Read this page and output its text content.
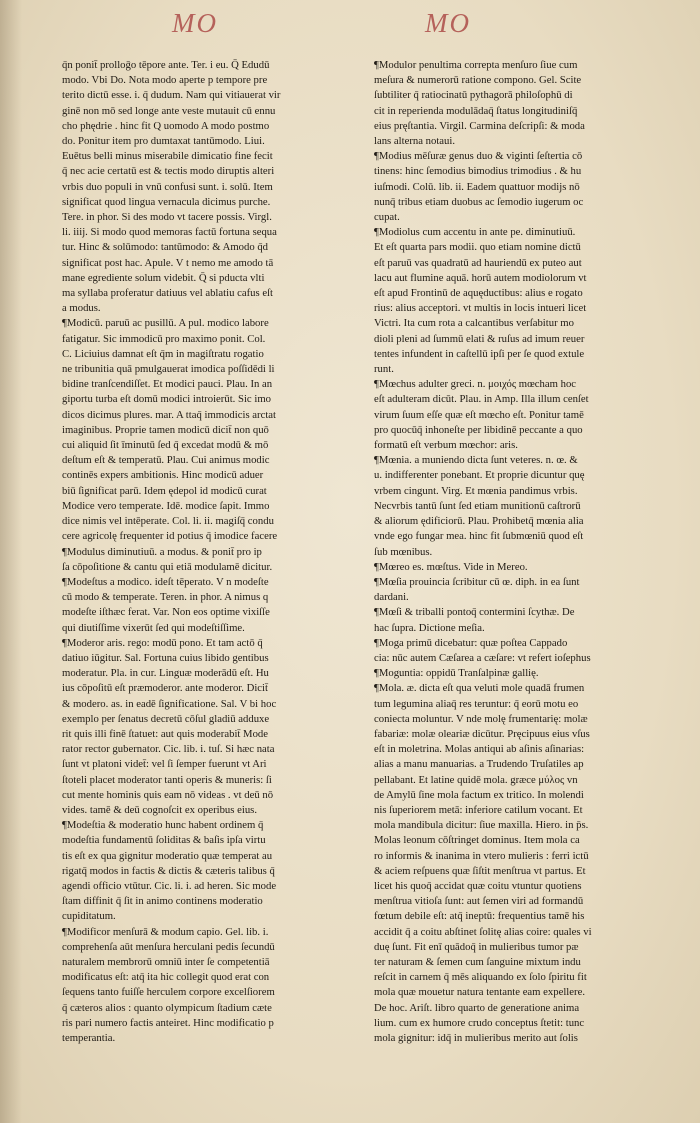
MO	MO
q̄n ponit̄ prolloḡo tēpore ante. Ter. i eu. Q̄ Edudū
modo. Vbi Do. Nota modo aperte p tempore pre
terito dictū esse. i. q̄ dudum. Nam qui vitiauerat vir
ginē non mō sed longe ante veste mutauit cū ennu
cho phędrie . hinc fit Q uomodo A modo postmo
do. Ponitur item pro dumtaxat tantūmodo. Liui.
Euētus belli minus miserabile dimicatio fine fecit
q̄ nec acie certatū est & tectis modo diruptis alteri
vrbis duo populi in vnū confusi sunt. i. solū. Item
significat quod lingua vernacula dicimus purche.
Tere. in phor. Si des modo vt tacere possis. Virgl.
li. iiij. Si modo quod memoras factū fortuna sequa
tur. Hinc & solūmodo: tantūmodo: & Amodo q̄d
significat post hac. Apule. V t nemo me amodo tā
mane egrediente solum videbit. Q̄ si pducta vlti
ma syllaba proferatur datiuus vel ablatiu cafus eſt
a modus.
¶Modicū. paruū ac pusillū. A pul. modico labore
fatigatur. Sic immodicū pro maximo ponit. Col.
C. Liciuius damnat eſt q̄m in magiſtratu rogatio
ne tribunitia quā pmulgauerat imodica poſſidēdi li
bidine tranſcendiſſet. Et modici pauci. Plau. In an
giportu turba eſt domū modici introierūt. Sic imo
dicos dicimus plures. mar. A ttaq̄ immodicis arctat
imaginibus. Proprie tamen modicū dicit̄ non quō
cui aliquid ſit īminutū ſed q̄ excedat modū & mō
deſtum eſt & temperatū. Plau. Cui animus modic
continēs expers ambitionis. Hinc modicū aduer
biū ſignificat parū. Idem ędepol id modicū curat
Modice vero temperate. Idē. modice ſapit. Immo
dice nimis vel intēperate. Col. li. ii. magiſq̄ condu
cere agricolę frequenter id potius q̄ imodice facere
¶Modulus diminutiuū. a modus. & ponit̄ pro ip
ſa cōpoſitione & cantu qui etiā modulamē dicitur.
¶Modeſtus a modico. ideſt tēperato. V n modeſte
cū modo & temperate. Teren. in phor. A nimus q
modeſte iſthæc ferat. Var. Non eos optime vixiſſe
qui diutiſſime vixerūt ſed qui modeſtiſſime.
¶Moderor aris. rego: modū pono. Et tam actō q̄
datiuo iūgitur. Sal. Fortuna cuius libido gentibus
moderatur. Pla. in cur. Linguæ moderādū eſt. Hu
ius cōpoſitū eſt præmoderor. ante moderor. Dicit̄
& modero. as. in eadē ſignificatione. Sal. V bi hoc
exemplo per ſenatus decretū cōſul gladiū adduxe
rit quis illi finē ſtatuet: aut quis moderabit̄ Mode
rator rector gubernator. Cic. lib. i. tuſ. Si hæc nata
ſunt vt platoni videt̄: vel ſi ſemper fuerunt vt Ari
ſtoteli placet moderator tanti operis & muneris: ſi
cut mente hominis quis eam nō videas . vt deū nō
vides. tamē & deū cognoſcit ex operibus eius.
¶Modeſtia & moderatio hunc habent ordinem q̄
modeſtia fundamentū ſoliditas & baſis ipſa virtu
tis eſt ex qua gignitur moderatio quæ temperat au
rigatq̄ modos in factis & dictis & cæteris talibus q̄
agendi officio vtūtur. Cic. li. i. ad heren. Sic mode
ſtam diffinit q̄ ſit in animo continens moderatio
cupiditatum.
¶Modificor menſurā & modum capio. Gel. lib. i.
comprehenſa aūt menſura herculani pedis ſecundū
naturalem membrorū omniū inter ſe competentiā
modificatus eſt: atq̄ ita hic collegit quod erat con
ſequens tanto fuiſſe herculem corpore excelſiorem
q̄ cæteros alios : quanto olympicum ſtadium cæte
ris pari numero factis anteiret. Hinc modificatio p
temperantia.
¶Modulor penultima correpta menſuro ſiue cum
meſura & numerorū ratione compono. Gel. Scite
ſubtiliter q̄ ratiocinatū pythagorā philoſophū di
cit in reperienda modulādaq̄ ſtatus longitudiniſq̄
eius pręſtantia. Virgil. Carmina deſcripſi: & moda
lans alterna notaui.
¶Modius mēſuræ genus duo & viginti ſeſtertia cō
tinens: hinc ſemodius bimodius trimodius . & hu
iuſmodi. Colū. lib. ii. Eadem quattuor modijs nō
nunq̄ tribus etiam duobus ac ſemodio iugerum oc
cupat.
¶Modiolus cum accentu in ante pe. diminutiuū.
Et eſt quarta pars modii. quo etiam nomine dictū
eſt paruū vas quadratū ad hauriendū ex puteo aut
lacu aut flumine aquā. horū autem modiolorum vt
eſt apud Frontinū de aquęductibus: alius e rogato
rius: alius acceptori. vt multis in locis intueri licet
Victri. Ita cum rota a calcantibus verſabitur mo
dioli pleni ad ſummū elati & ruſus ad imum reuer
tentes infundent in caſtellū ipſi per ſe quod extule
runt.
¶Mœchus adulter greci. n. μοιχός mœcham hoc
eſt adulteram dicūt. Plau. in Amp. Illa illum cenſet
virum ſuum eſſe quæ eſt mœcho eſt. Ponitur tamē
pro quocūq̄ inhoneſte per libidinē peccante a quo
formatū eſt verbum mœchor: aris.
¶Mœnia. a muniendo dicta ſunt veteres. n. œ. &
u. indifferenter ponebant. Et proprie dicuntur quę
vrbem cingunt. Virg. Et mœnia pandimus vrbis.
Necvrbis tantū ſunt ſed etiam munitionū caſtrorū
& aliorum ędificiorū. Plau. Prohibetq̄ mœnia alia
vnde ego fungar mea. hinc fit ſubmœniū quod eſt
ſub mœnibus.
¶Mœreo es. mœſtus. Vide in Mereo.
¶Mœſia prouincia ſcribitur cū œ. diph. in ea ſunt
dardani.
¶Mœſi & triballi pontoq̄ contermini ſcythæ. De
hac ſupra. Dictione meſia.
¶Moga primū dicebatur: quæ poſtea Cappado
cia: nūc autem Cæſarea a cæſare: vt refert ioſephus
¶Moguntia: oppidū Tranſalpinæ gallię.
¶Mola. æ. dicta eſt qua veluti mole quadā frumen
tum legumina aliaq̄ res teruntur: q̄ eorū motu eo
coniecta moluntur. V nde molę frumentarię: molæ
fabariæ: molæ oleariæ dicūtur. Pręcipuus eius vſus
eſt in moletrina. Molas antiqui ab aſinis aſinarias:
alias a manu manuarias. a Trudendo Truſatiles ap
pellabant. Et latine quidē mola. græce μύλος vn
de Amylū ſine mola factum ex tritico. In molendi
nis ſuperiorem metā: inferiore catilum vocant. Et
mola mandibula dicitur: ſiue maxilla. Hiero. in p̄s.
Molas leonum cōſtringet dominus. Item mola ca
ro informis & inanima in vtero mulieris : ferri ictū
& aciem reſpuens quæ ſiſtit menſtrua vt partus. Et
licet his quoq̄ accidat quæ coitu vtuntur quotiens
menſtrua vitioſa ſunt: aut ſemen viri ad formandū
fœtum debile eſt: atq̄ ineptū: frequentius tamē his
accidit q̄ a coitu abſtinet ſolitę alias coire: quales vi
duę ſunt. Fit enī quādoq̄ in mulieribus tumor pæ
ter naturam & ſemen cum ſanguine mixtum indu
reſcit in carnem q̄ mēs aliquando ex ſolo ſpiritu fit
mola quæ mouetur natura tentante eam expellere.
De hoc. Ariſt. libro quarto de generatione anima
lium. cum ex humore crudo conceptus ſtetit: tunc
mola gignitur: idq̄ in mulieribus merito aut ſolis
